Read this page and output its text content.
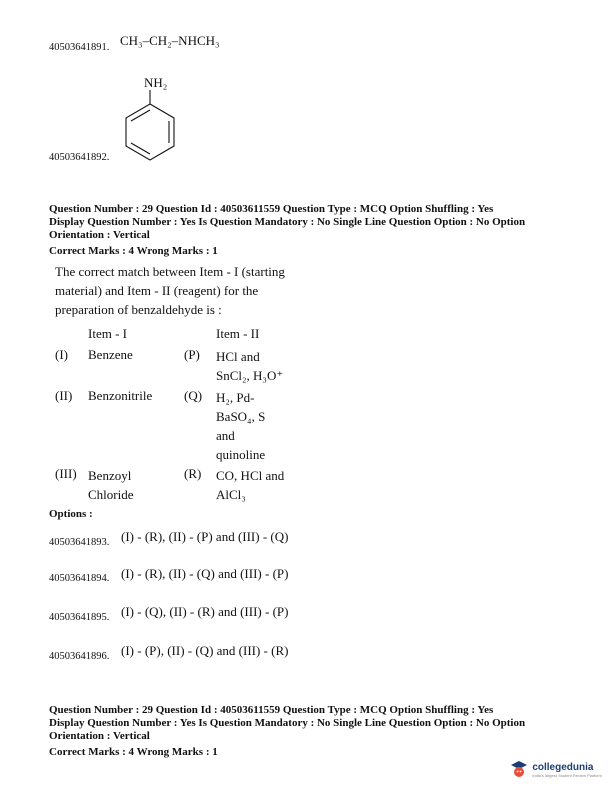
40503641891. CH₃–CH₂–NHCH₃
NH₂
40503641892.
Question Number : 29 Question Id : 40503611559 Question Type : MCQ Option Shuffling : Yes
Display Question Number : Yes Is Question Mandatory : No Single Line Question Option : No Option
Orientation : Vertical
Correct Marks : 4 Wrong Marks : 1
The correct match between Item - I (starting
material) and Item - II (reagent) for the
preparation of benzaldehyde is :
Item - I	Item - II
(I) Benzene	(P) HCl and
SnCl₂, H₃O⁺
(II) Benzonitrile (Q) H₂, Pd-
BaSO₄, S
and
quinoline
(III) Benzoyl
Chloride
(R) CO, HCl and
AlCl₃
Options :
40503641893. (I) - (R), (II) - (P) and (III) - (Q)
40503641894. (I) - (R), (II) - (Q) and (III) - (P)
40503641895. (I) - (Q), (II) - (R) and (III) - (P)
40503641896. (I) - (P), (II) - (Q) and (III) - (R)
Question Number : 29 Question Id : 40503611559 Question Type : MCQ Option Shuffling : Yes
Display Question Number : Yes Is Question Mandatory : No Single Line Question Option : No Option
Orientation : Vertical
Correct Marks : 4 Wrong Marks : 1
collegedunia
India's largest Student Review Platform
